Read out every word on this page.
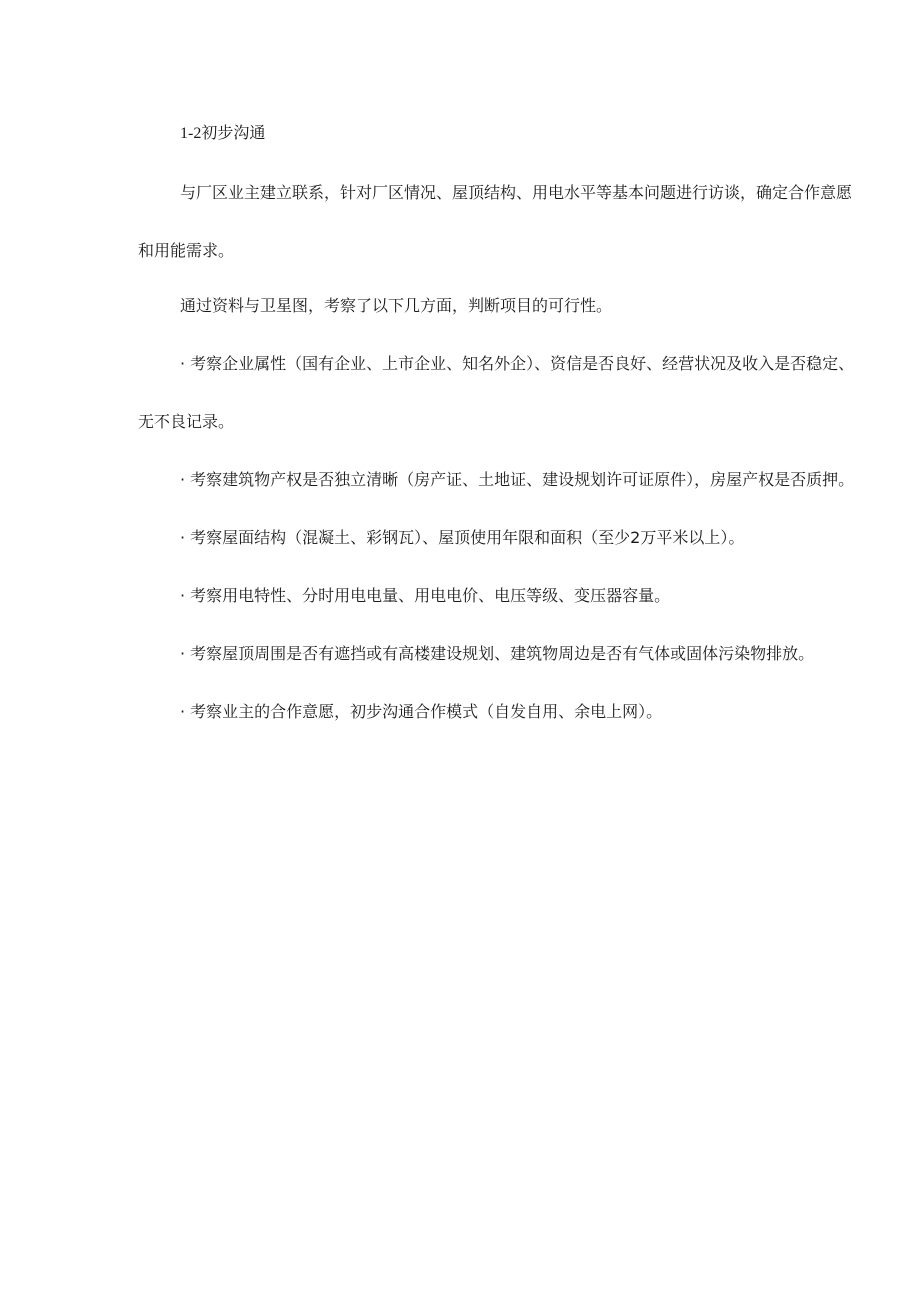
1-2初步沟通

与厂区业主建立联系，针对厂区情况、屋顶结构、用电水平等基本问题进行访谈，确定合作意愿和用能需求。

通过资料与卫星图，考察了以下几方面，判断项目的可行性。

· 考察企业属性（国有企业、上市企业、知名外企）、资信是否良好、经营状况及收入是否稳定、无不良记录。

· 考察建筑物产权是否独立清晰（房产证、土地证、建设规划许可证原件），房屋产权是否质押。

· 考察屋面结构（混凝土、彩钢瓦）、屋顶使用年限和面积（至少2万平米以上）。

· 考察用电特性、分时用电电量、用电电价、电压等级、变压器容量。

· 考察屋顶周围是否有遮挡或有高楼建设规划、建筑物周边是否有气体或固体污染物排放。

· 考察业主的合作意愿，初步沟通合作模式（自发自用、余电上网）。
